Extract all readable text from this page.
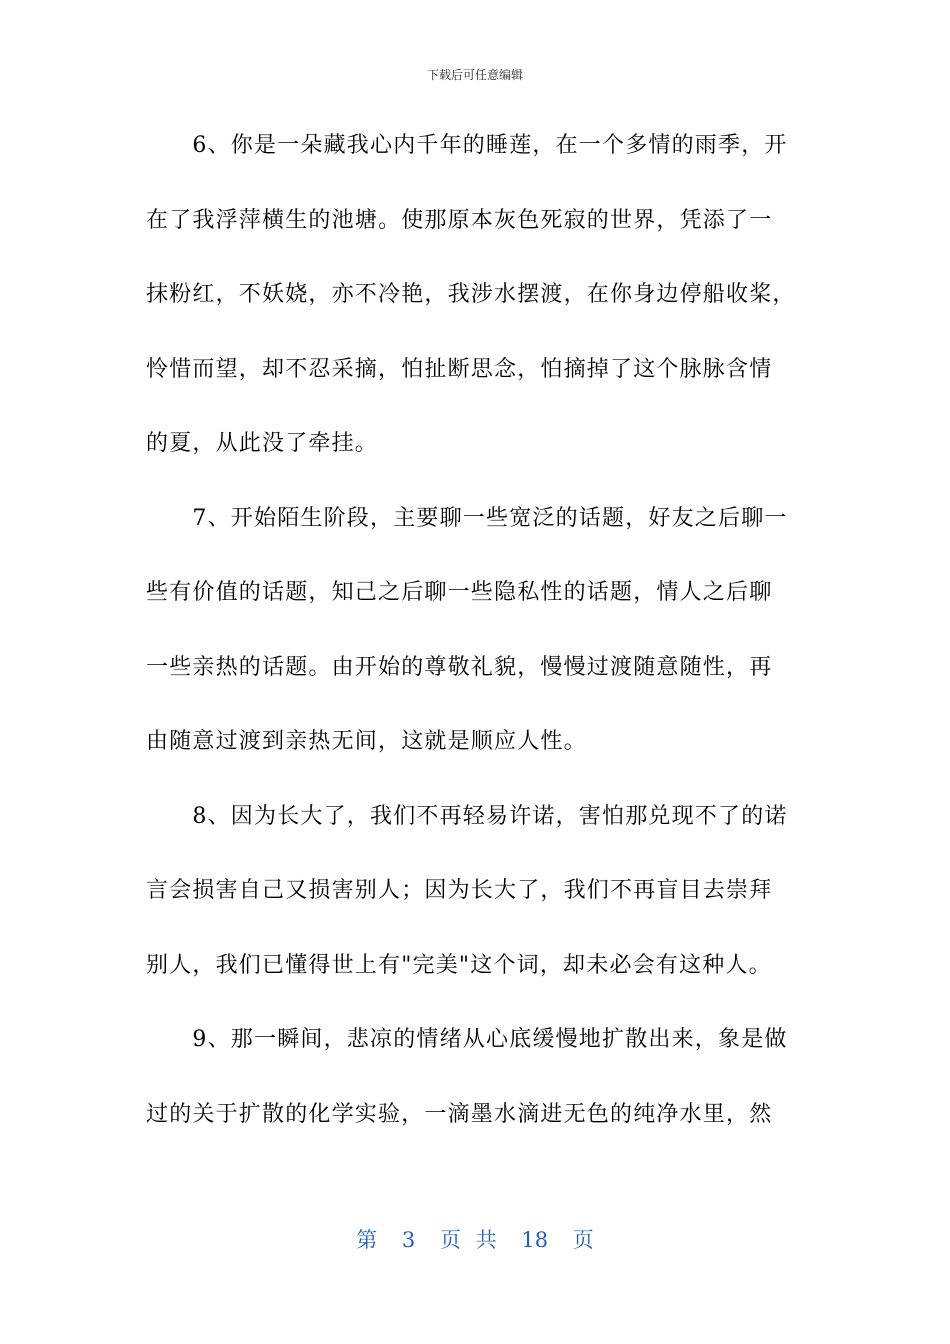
下载后可任意编辑
　　6、你是一朵藏我心内千年的睡莲，在一个多情的雨季，开
在了我浮萍横生的池塘。使那原本灰色死寂的世界，凭添了一
抹粉红，不妖娆，亦不冷艳，我涉水摆渡，在你身边停船收桨，
怜惜而望，却不忍采摘，怕扯断思念，怕摘掉了这个脉脉含情
的夏，从此没了牵挂。
　　7、开始陌生阶段，主要聊一些宽泛的话题，好友之后聊一
些有价值的话题，知己之后聊一些隐私性的话题，情人之后聊
一些亲热的话题。由开始的尊敬礼貌，慢慢过渡随意随性，再
由随意过渡到亲热无间，这就是顺应人性。
　　8、因为长大了，我们不再轻易许诺，害怕那兑现不了的诺
言会损害自己又损害别人；因为长大了，我们不再盲目去崇拜
别人，我们已懂得世上有"完美"这个词，却未必会有这种人。
　　9、那一瞬间，悲凉的情绪从心底缓慢地扩散出来，象是做
过的关于扩散的化学实验，一滴墨水滴进无色的纯净水里，然
第 3 页 共 18 页
